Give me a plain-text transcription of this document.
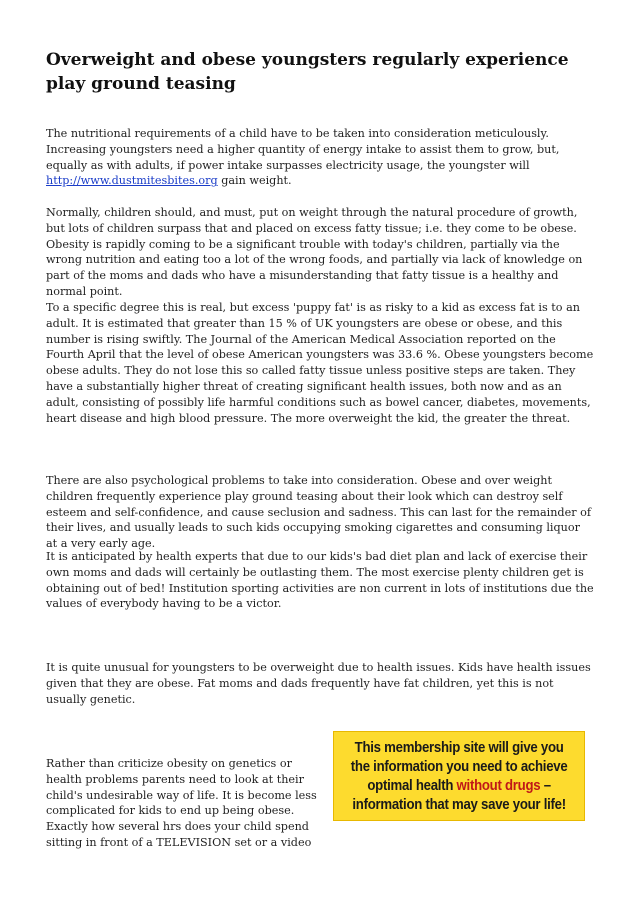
Overweight and obese youngsters regularly experience play ground teasing

The nutritional requirements of a child have to be taken into consideration meticulously. Increasing youngsters need a higher quantity of energy intake to assist them to grow, but, equally as with adults, if power intake surpasses electricity usage, the youngster will http://www.dustmitesbites.org gain weight.

Normally, children should, and must, put on weight through the natural procedure of growth, but lots of children surpass that and placed on excess fatty tissue; i.e. they come to be obese. Obesity is rapidly coming to be a significant trouble with today's children, partially via the wrong nutrition and eating too a lot of the wrong foods, and partially via lack of knowledge on part of the moms and dads who have a misunderstanding that fatty tissue is a healthy and normal point.

To a specific degree this is real, but excess 'puppy fat' is as risky to a kid as excess fat is to an adult. It is estimated that greater than 15 % of UK youngsters are obese or obese, and this number is rising swiftly. The Journal of the American Medical Association reported on the Fourth April that the level of obese American youngsters was 33.6 %. Obese youngsters become obese adults. They do not lose this so called fatty tissue unless positive steps are taken. They have a substantially higher threat of creating significant health issues, both now and as an adult, consisting of possibly life harmful conditions such as bowel cancer, diabetes, movements, heart disease and high blood pressure. The more overweight the kid, the greater the threat.

There are also psychological problems to take into consideration. Obese and over weight children frequently experience play ground teasing about their look which can destroy self esteem and self-confidence, and cause seclusion and sadness. This can last for the remainder of their lives, and usually leads to such kids occupying smoking cigarettes and consuming liquor at a very early age.

It is anticipated by health experts that due to our kids's bad diet plan and lack of exercise their own moms and dads will certainly be outlasting them. The most exercise plenty children get is obtaining out of bed! Institution sporting activities are non current in lots of institutions due the values of everybody having to be a victor.

It is quite unusual for youngsters to be overweight due to health issues. Kids have health issues given that they are obese. Fat moms and dads frequently have fat children, yet this is not usually genetic.

Rather than criticize obesity on genetics or health problems parents need to look at their child's undesirable way of life. It is become less complicated for kids to end up being obese. Exactly how several hrs does your child spend sitting in front of a TELEVISION set or a video

This membership site will give you
the information you need to achieve
optimal health without drugs –
information that may save your life!
